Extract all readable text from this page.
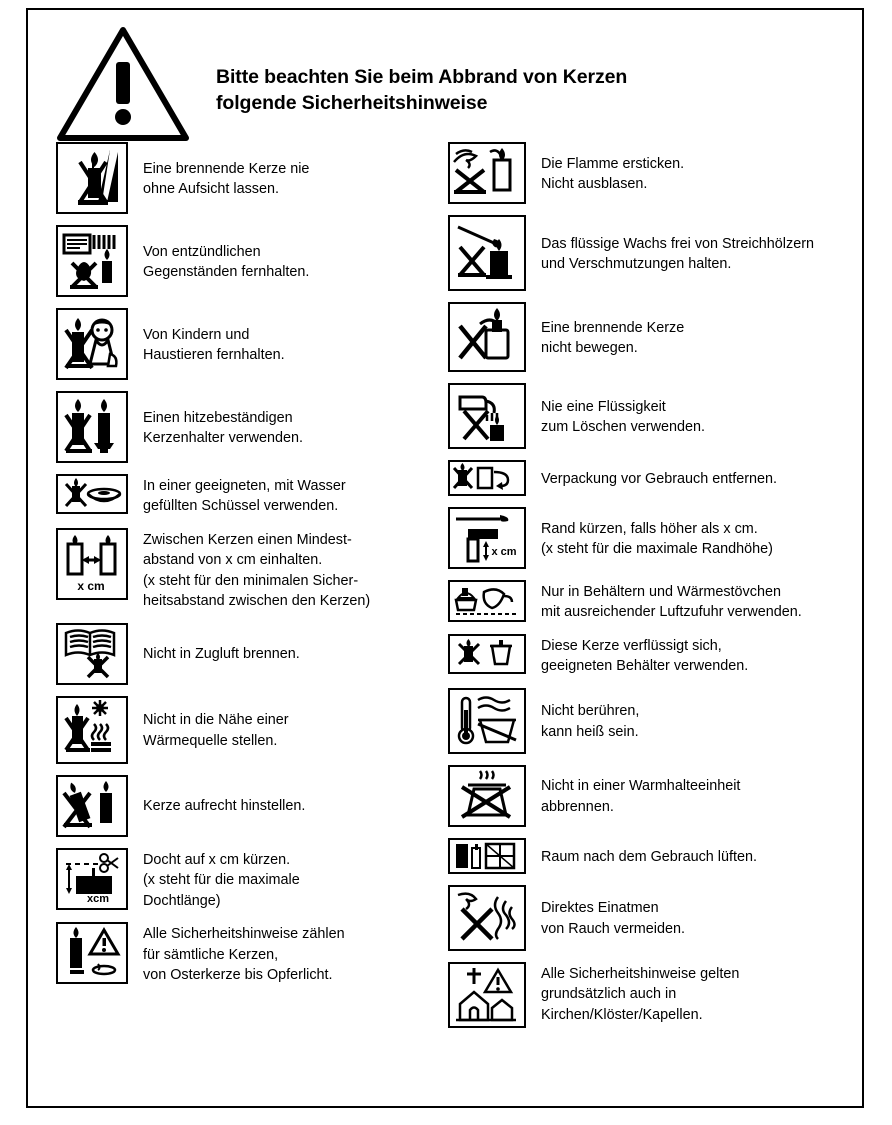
Bitte beachten Sie beim Abbrand von Kerzen
folgende Sicherheitshinweise
Eine brennende Kerze nie
ohne Aufsicht lassen.
Von entzündlichen
Gegenständen fernhalten.
Von Kindern und
Haustieren fernhalten.
Einen hitzebeständigen
Kerzenhalter verwenden.
In einer geeigneten, mit Wasser
gefüllten Schüssel verwenden.
x cm
Zwischen Kerzen einen Mindest-
abstand von x cm einhalten.
(x steht für den minimalen Sicher-
heitsabstand zwischen den Kerzen)
Nicht in Zugluft brennen.
Nicht in die Nähe einer
Wärmequelle stellen.
Kerze aufrecht hinstellen.
xcm
Docht auf x cm kürzen.
(x steht für die maximale
Dochtlänge)
Alle Sicherheitshinweise zählen
für sämtliche Kerzen,
von Osterkerze bis Opferlicht.
Die Flamme ersticken.
Nicht ausblasen.
Das flüssige Wachs frei von Streichhölzern
und Verschmutzungen halten.
Eine brennende Kerze
nicht bewegen.
Nie eine Flüssigkeit
zum Löschen verwenden.
Verpackung vor Gebrauch entfernen.
x cm
Rand kürzen, falls höher als x cm.
(x steht für die maximale Randhöhe)
Nur in Behältern und Wärmestövchen
mit ausreichender Luftzufuhr verwenden.
Diese Kerze verflüssigt sich,
geeigneten Behälter verwenden.
Nicht berühren,
kann heiß sein.
Nicht in einer Warmhalteeinheit
abbrennen.
Raum nach dem Gebrauch lüften.
Direktes Einatmen
von Rauch vermeiden.
Alle Sicherheitshinweise gelten
grundsätzlich auch in
Kirchen/Klöster/Kapellen.
